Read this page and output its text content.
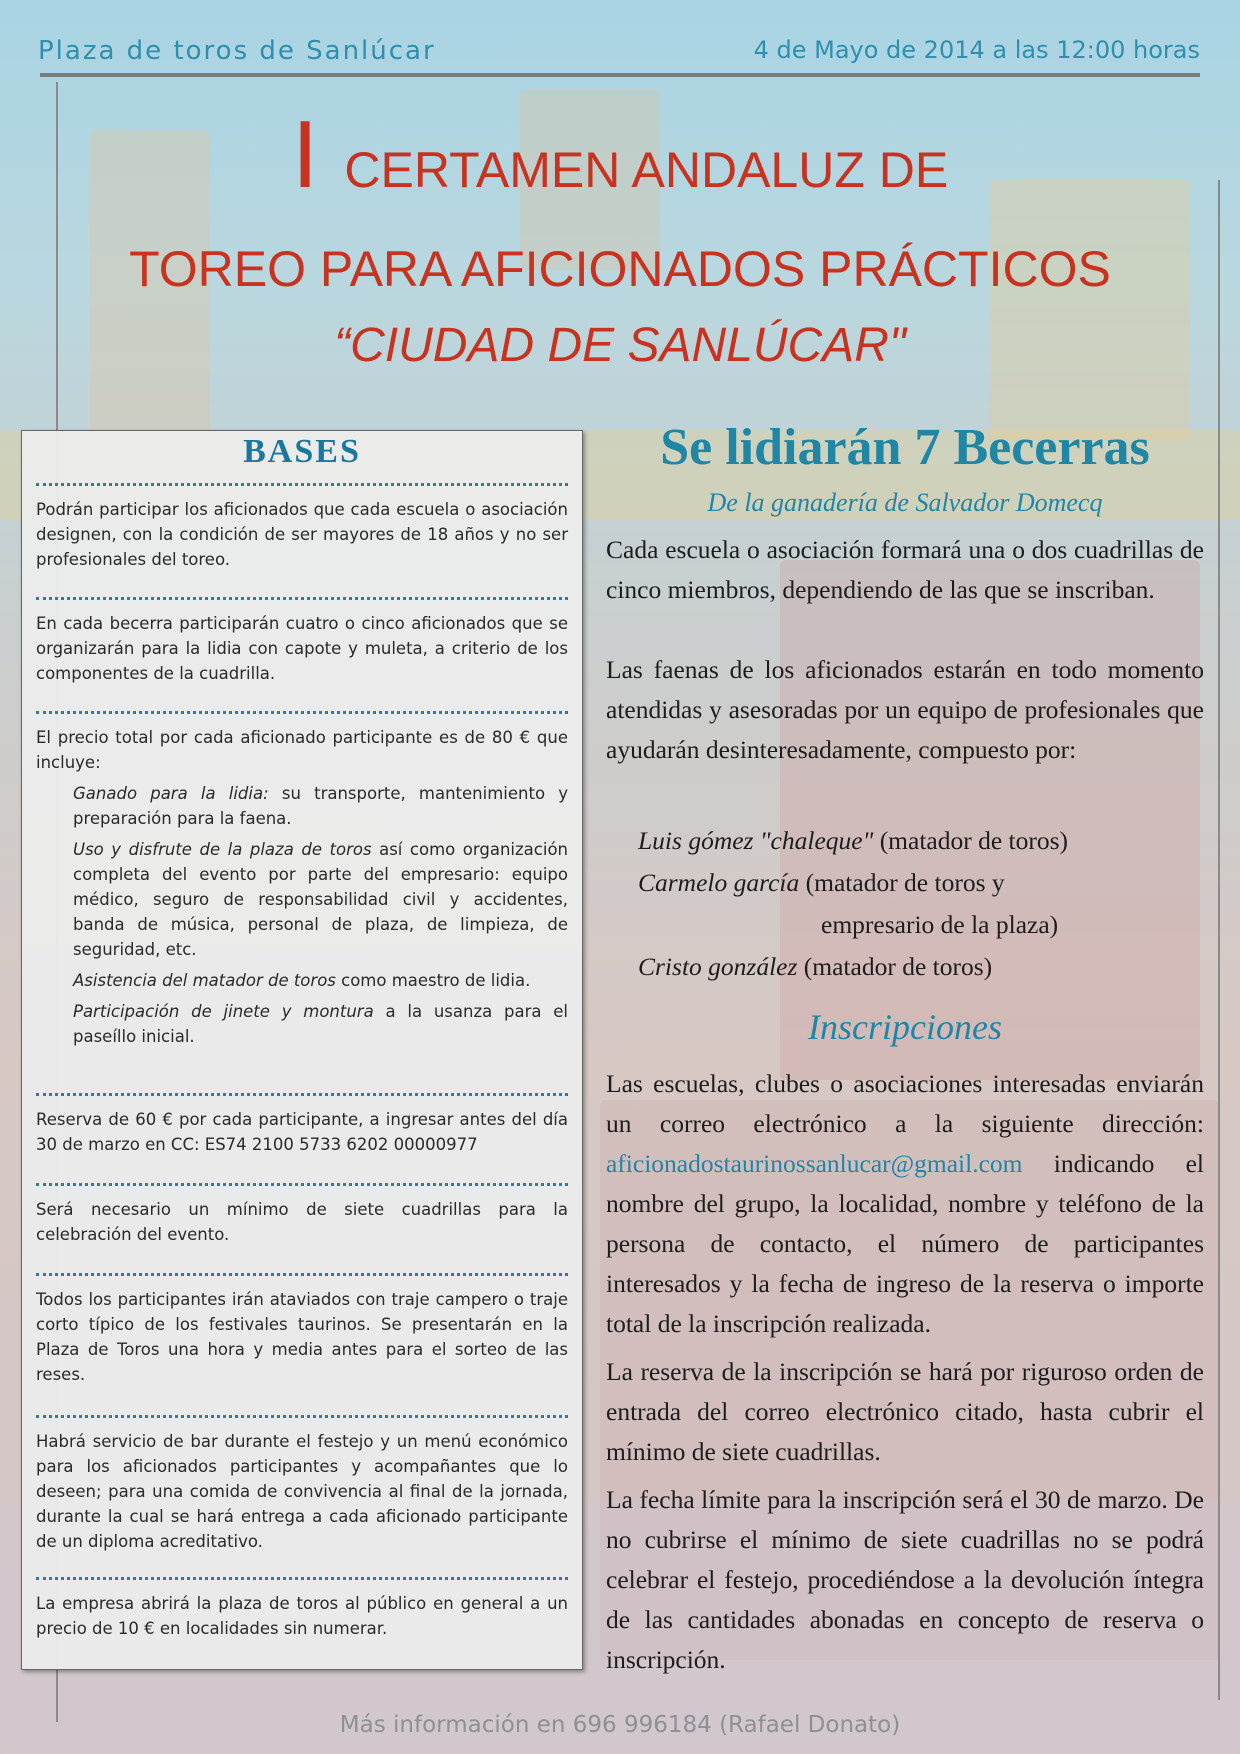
Plaza de toros de Sanlúcar	4 de Mayo de 2014 a las 12:00 horas
I CERTAMEN ANDALUZ DE
TOREO PARA AFICIONADOS PRÁCTICOS
“CIUDAD DE SANLÚCAR"
BASES
Podrán participar los aficionados que cada escuela o asociación designen, con la condición de ser mayores de 18 años y no ser profesionales del toreo.
En cada becerra participarán cuatro o cinco aficionados que se organizarán para la lidia con capote y muleta, a criterio de los componentes de la cuadrilla.
El precio total por cada aficionado participante es de 80 € que incluye:
Ganado para la lidia: su transporte, mantenimiento y preparación para la faena.
Uso y disfrute de la plaza de toros así como organización completa del evento por parte del empresario: equipo médico, seguro de responsabilidad civil y accidentes, banda de música, personal de plaza, de limpieza, de seguridad, etc.
Asistencia del matador de toros como maestro de lidia.
Participación de jinete y montura a la usanza para el paseíllo inicial.
Reserva de 60 € por cada participante, a ingresar antes del día 30 de marzo en CC: ES74 2100 5733 6202 00000977
Será necesario un mínimo de siete cuadrillas para la celebración del evento.
Todos los participantes irán ataviados con traje campero o traje corto típico de los festivales taurinos. Se presentarán en la Plaza de Toros una hora y media antes para el sorteo de las reses.
Habrá servicio de bar durante el festejo y un menú económico para los aficionados participantes y acompañantes que lo deseen; para una comida de convivencia al final de la jornada, durante la cual se hará entrega a cada aficionado participante de un diploma acreditativo.
La empresa abrirá la plaza de toros al público en general a un precio de 10 € en localidades sin numerar.
Se lidiarán 7 Becerras
De la ganadería de Salvador Domecq
Cada escuela o asociación formará una o dos cuadrillas de cinco miembros, dependiendo de las que se inscriban.
Las faenas de los aficionados estarán en todo momento atendidas y asesoradas por un equipo de profesionales que ayudarán desinteresadamente, compuesto por:
Luis gómez "chaleque" (matador de toros)
Carmelo garcía (matador de toros y
empresario de la plaza)
Cristo gonzález (matador de toros)
Inscripciones
Las escuelas, clubes o asociaciones interesadas enviarán un correo electrónico a la siguiente dirección: aficionadostaurinossanlucar@gmail.com indicando el nombre del grupo, la localidad, nombre y teléfono de la persona de contacto, el número de participantes interesados y la fecha de ingreso de la reserva o importe total de la inscripción realizada.
La reserva de la inscripción se hará por riguroso orden de entrada del correo electrónico citado, hasta cubrir el mínimo de siete cuadrillas.
La fecha límite para la inscripción será el 30 de marzo. De no cubrirse el mínimo de siete cuadrillas no se podrá celebrar el festejo, procediéndose a la devolución íntegra de las cantidades abonadas en concepto de reserva o inscripción.
Más información en 696 996184 (Rafael Donato)
